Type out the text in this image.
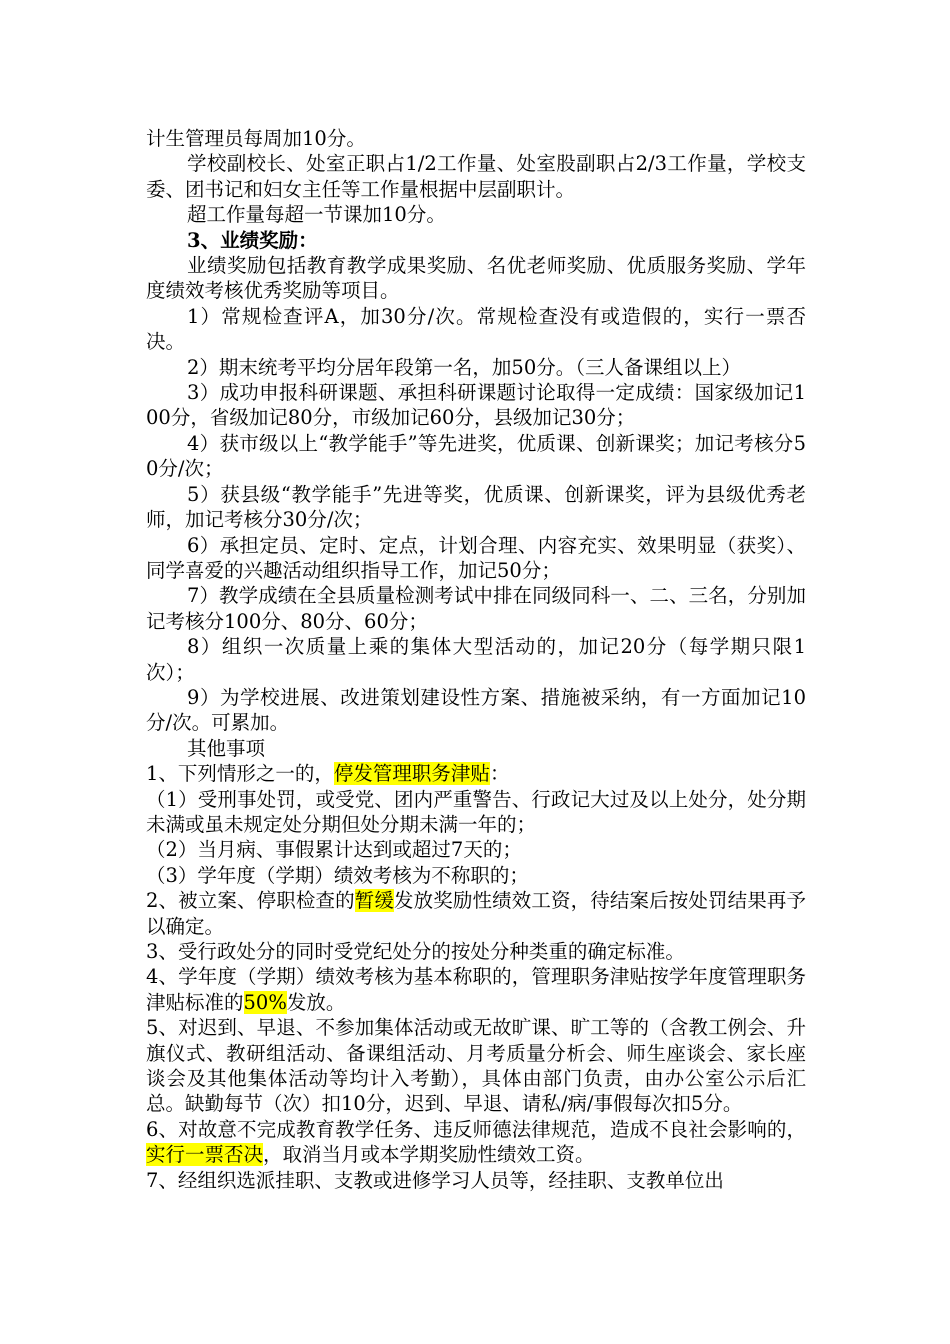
计生管理员每周加10分。

学校副校长、处室正职占1/2工作量、处室股副职占2/3工作量，学校支委、团书记和妇女主任等工作量根据中层副职计。

超工作量每超一节课加10分。

3、业绩奖励：

业绩奖励包括教育教学成果奖励、名优老师奖励、优质服务奖励、学年度绩效考核优秀奖励等项目。

1）常规检查评A，加30分/次。常规检查没有或造假的，实行一票否决。

2）期末统考平均分居年段第一名，加50分。（三人备课组以上）

3）成功申报科研课题、承担科研课题讨论取得一定成绩：国家级加记100分，省级加记80分，市级加记60分，县级加记30分；

4）获市级以上“教学能手”等先进奖，优质课、创新课奖；加记考核分50分/次；

5）获县级“教学能手”先进等奖，优质课、创新课奖，评为县级优秀老师，加记考核分30分/次；

6）承担定员、定时、定点，计划合理、内容充实、效果明显（获奖）、同学喜爱的兴趣活动组织指导工作，加记50分；

7）教学成绩在全县质量检测考试中排在同级同科一、二、三名，分别加记考核分100分、80分、60分；

8）组织一次质量上乘的集体大型活动的，加记20分（每学期只限1次）；

9）为学校进展、改进策划建设性方案、措施被采纳，有一方面加记10分/次。可累加。

其他事项

1、下列情形之一的，停发管理职务津贴：

（1）受刑事处罚，或受党、团内严重警告、行政记大过及以上处分，处分期未满或虽未规定处分期但处分期未满一年的；

（2）当月病、事假累计达到或超过7天的；

（3）学年度（学期）绩效考核为不称职的；

2、被立案、停职检查的暂缓发放奖励性绩效工资，待结案后按处罚结果再予以确定。

3、受行政处分的同时受党纪处分的按处分种类重的确定标准。

4、学年度（学期）绩效考核为基本称职的，管理职务津贴按学年度管理职务津贴标准的50%发放。

5、对迟到、早退、不参加集体活动或无故旷课、旷工等的（含教工例会、升旗仪式、教研组活动、备课组活动、月考质量分析会、师生座谈会、家长座谈会及其他集体活动等均计入考勤），具体由部门负责，由办公室公示后汇总。缺勤每节（次）扣10分，迟到、早退、请私/病/事假每次扣5分。

6、对故意不完成教育教学任务、违反师德法律规范，造成不良社会影响的，实行一票否决，取消当月或本学期奖励性绩效工资。

7、经组织选派挂职、支教或进修学习人员等，经挂职、支教单位出
